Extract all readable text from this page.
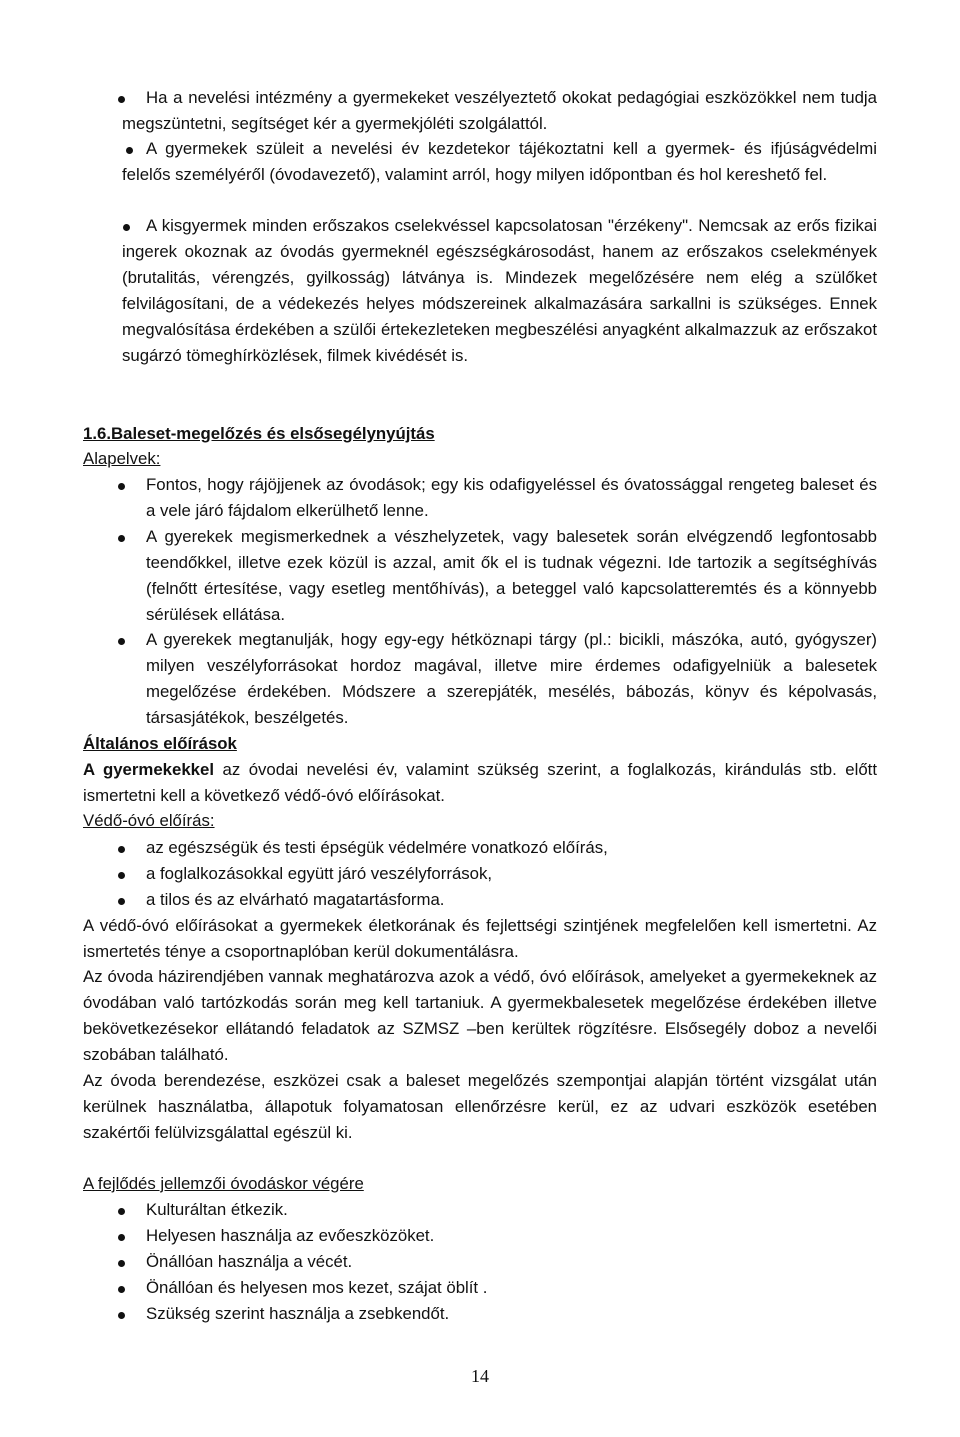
Ha a nevelési intézmény a gyermekeket veszélyeztető okokat pedagógiai eszközökkel nem tudja megszüntetni, segítséget kér a gyermekjóléti szolgálattól.
A gyermekek szüleit a nevelési év kezdetekor tájékoztatni kell a gyermek- és ifjúságvédelmi felelős személyéről (óvodavezető), valamint arról, hogy milyen időpontban és hol kereshető fel.
A kisgyermek minden erőszakos cselekvéssel kapcsolatosan "érzékeny". Nemcsak az erős fizikai ingerek okoznak az óvodás gyermeknél egészségkárosodást, hanem az erőszakos cselekmények (brutalitás, vérengzés, gyilkosság) látványa is. Mindezek megelőzésére nem elég a szülőket felvilágosítani, de a védekezés helyes módszereinek alkalmazására sarkallni is szükséges. Ennek megvalósítása érdekében a szülői értekezleteken megbeszélési anyagként alkalmazzuk az erőszakot sugárzó tömeghírközlések, filmek kivédését is.
1.6.Baleset-megelőzés és elsősegélynyújtás
Alapelvek:
Fontos, hogy rájöjjenek az óvodások; egy kis odafigyeléssel és óvatossággal rengeteg baleset és a vele járó fájdalom elkerülhető lenne.
A gyerekek megismerkednek a vészhelyzetek, vagy balesetek során elvégzendő legfontosabb teendőkkel, illetve ezek közül is azzal, amit ők el is tudnak végezni. Ide tartozik a segítséghívás (felnőtt értesítése, vagy esetleg mentőhívás), a beteggel való kapcsolatteremtés és a könnyebb sérülések ellátása.
A gyerekek megtanulják, hogy egy-egy hétköznapi tárgy (pl.: bicikli, mászóka, autó, gyógyszer) milyen veszélyforrásokat hordoz magával, illetve mire érdemes odafigyelniük a balesetek megelőzése érdekében. Módszere a szerepjáték, mesélés, bábozás, könyv és képolvasás, társasjátékok, beszélgetés.
Általános előírások
A gyermekekkel az óvodai nevelési év, valamint szükség szerint, a foglalkozás, kirándulás stb. előtt ismertetni kell a következő védő-óvó előírásokat.
Védő-óvó előírás:
az egészségük és testi épségük védelmére vonatkozó előírás,
a foglalkozásokkal együtt járó veszélyforrások,
a tilos és az elvárható magatartásforma.
A védő-óvó előírásokat a gyermekek életkorának és fejlettségi szintjének megfelelően kell ismertetni. Az ismertetés ténye a csoportnaplóban kerül dokumentálásra.
Az óvoda házirendjében vannak meghatározva azok a védő, óvó előírások, amelyeket a gyermekeknek az óvodában való tartózkodás során meg kell tartaniuk. A gyermekbalesetek megelőzése érdekében illetve bekövetkezésekor ellátandó feladatok az SZMSZ –ben kerültek rögzítésre. Elsősegély doboz a nevelői szobában található.
Az óvoda berendezése, eszközei csak a baleset megelőzés szempontjai alapján történt vizsgálat után kerülnek használatba, állapotuk folyamatosan ellenőrzésre kerül, ez az udvari eszközök esetében szakértői felülvizsgálattal egészül ki.
A fejlődés jellemzői óvodáskor végére
Kulturáltan étkezik.
Helyesen használja az evőeszközöket.
Önállóan használja a vécét.
Önállóan és helyesen mos kezet, szájat öblít .
Szükség szerint használja a zsebkendőt.
14
